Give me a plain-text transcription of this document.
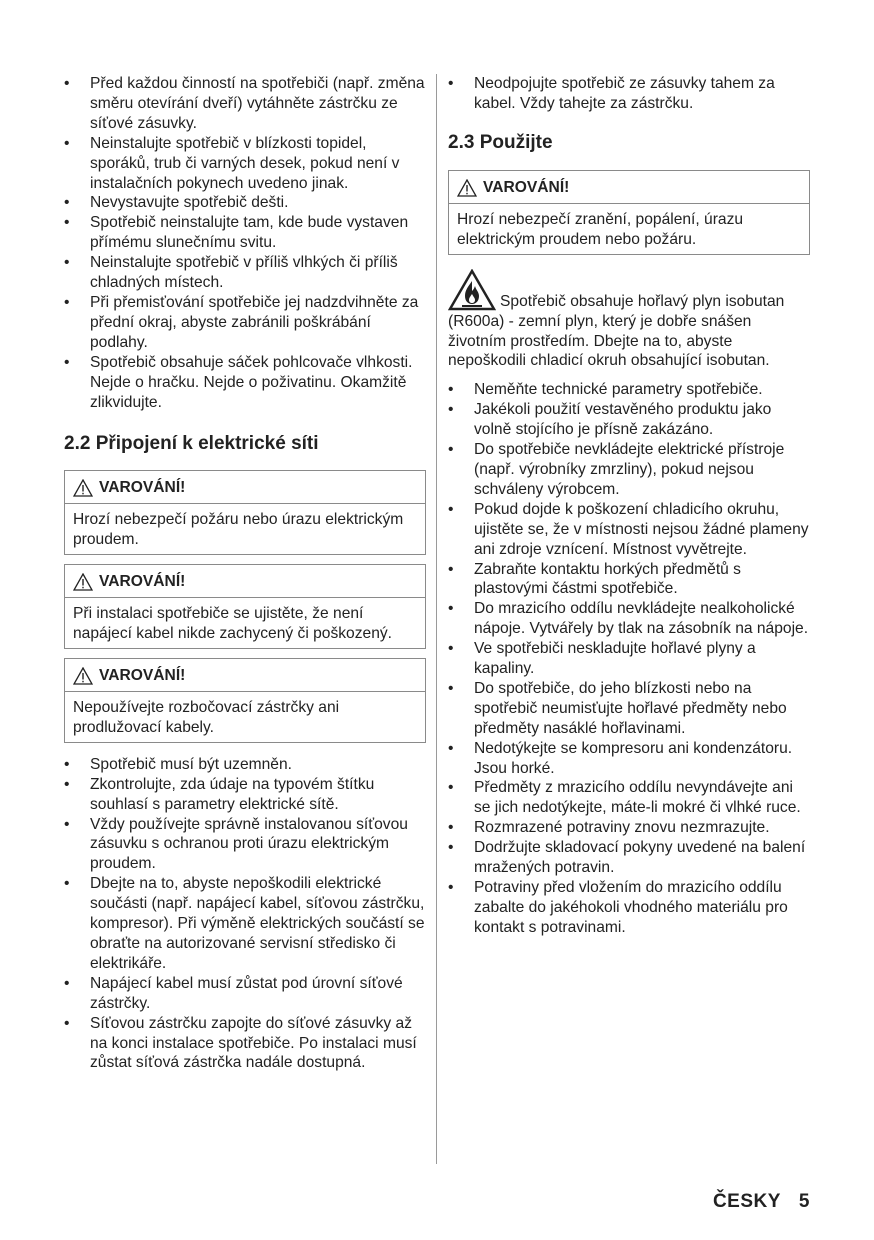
• Před každou činností na spotřebiči (např. změna směru otevírání dveří) vytáhněte zástrčku ze síťové zásuvky.
• Neinstalujte spotřebič v blízkosti topidel, sporáků, trub či varných desek, pokud není v instalačních pokynech uvedeno jinak.
• Nevystavujte spotřebič dešti.
• Spotřebič neinstalujte tam, kde bude vystaven přímému slunečnímu svitu.
• Neinstalujte spotřebič v příliš vlhkých či příliš chladných místech.
• Při přemisťování spotřebiče jej nadzdvihněte za přední okraj, abyste zabránili poškrábání podlahy.
• Spotřebič obsahuje sáček pohlcovače vlhkosti. Nejde o hračku. Nejde o poživatinu. Okamžitě zlikvidujte.
2.2 Připojení k elektrické síti
VAROVÁNÍ!
Hrozí nebezpečí požáru nebo úrazu elektrickým proudem.
VAROVÁNÍ!
Při instalaci spotřebiče se ujistěte, že není napájecí kabel nikde zachycený či poškozený.
VAROVÁNÍ!
Nepoužívejte rozbočovací zástrčky ani prodlužovací kabely.
• Spotřebič musí být uzemněn.
• Zkontrolujte, zda údaje na typovém štítku souhlasí s parametry elektrické sítě.
• Vždy používejte správně instalovanou síťovou zásuvku s ochranou proti úrazu elektrickým proudem.
• Dbejte na to, abyste nepoškodili elektrické součásti (např. napájecí kabel, síťovou zástrčku, kompresor). Při výměně elektrických součástí se obraťte na autorizované servisní středisko či elektrikáře.
• Napájecí kabel musí zůstat pod úrovní síťové zástrčky.
• Síťovou zástrčku zapojte do síťové zásuvky až na konci instalace spotřebiče. Po instalaci musí zůstat síťová zástrčka nadále dostupná.
• Neodpojujte spotřebič ze zásuvky tahem za kabel. Vždy tahejte za zástrčku.
2.3 Použijte
VAROVÁNÍ!
Hrozí nebezpečí zranění, popálení, úrazu elektrickým proudem nebo požáru.

Spotřebič obsahuje hořlavý plyn isobutan (R600a) - zemní plyn, který je dobře snášen životním prostředím. Dbejte na to, abyste nepoškodili chladicí okruh obsahující isobutan.

• Neměňte technické parametry spotřebiče.
• Jakékoli použití vestavěného produktu jako volně stojícího je přísně zakázáno.
• Do spotřebiče nevkládejte elektrické přístroje (např. výrobníky zmrzliny), pokud nejsou schváleny výrobcem.
• Pokud dojde k poškození chladicího okruhu, ujistěte se, že v místnosti nejsou žádné plameny ani zdroje vznícení. Místnost vyvětrejte.
• Zabraňte kontaktu horkých předmětů s plastovými částmi spotřebiče.
• Do mrazicího oddílu nevkládejte nealkoholické nápoje. Vytvářely by tlak na zásobník na nápoje.
• Ve spotřebiči neskladujte hořlavé plyny a kapaliny.
• Do spotřebiče, do jeho blízkosti nebo na spotřebič neumisťujte hořlavé předměty nebo předměty nasáklé hořlavinami.
• Nedotýkejte se kompresoru ani kondenzátoru. Jsou horké.
• Předměty z mrazicího oddílu nevyndávejte ani se jich nedotýkejte, máte-li mokré či vlhké ruce.
• Rozmrazené potraviny znovu nezmrazujte.
• Dodržujte skladovací pokyny uvedené na balení mražených potravin.
• Potraviny před vložením do mrazicího oddílu zabalte do jakéhokoli vhodného materiálu pro kontakt s potravinami.
ČESKY 5
